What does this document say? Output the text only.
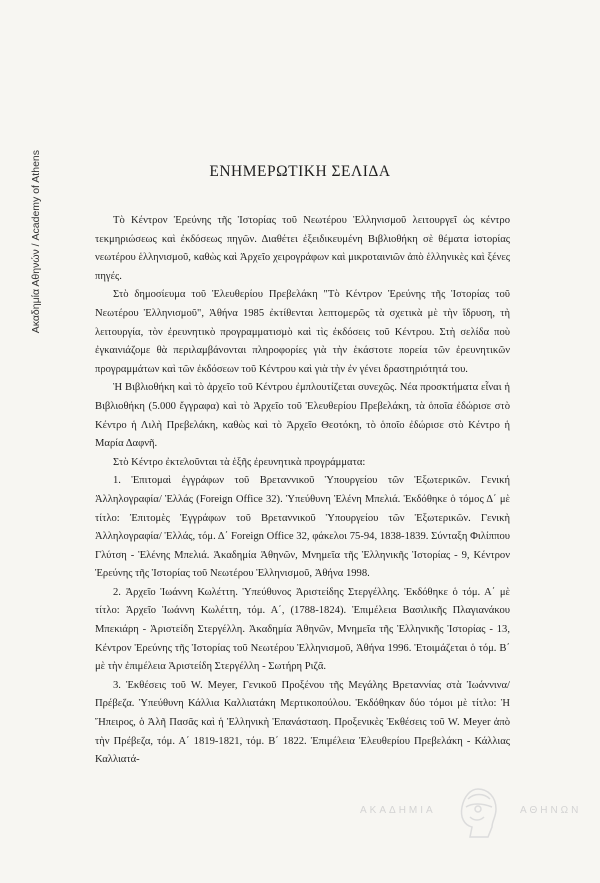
Ακαδημία Αθηνών / Academy of Athens	ΕΝΗΜΕΡΩΤΙΚΗ ΣΕΛΙΔΑ

Τὸ Κέντρον Ἐρεύνης τῆς Ἱστορίας τοῦ Νεωτέρου Ἑλληνισμοῦ λειτουργεῖ ὡς κέντρο τεκμηριώσεως καὶ ἐκδόσεως πηγῶν. Διαθέτει ἐξειδικευμένη Βιβλιοθήκη σὲ θέματα ἱστορίας νεωτέρου ἑλληνισμοῦ, καθὼς καὶ Ἀρχεῖο χειρογράφων καὶ μικροταινιῶν ἀπὸ ἑλληνικὲς καὶ ξένες πηγές.

Στὸ δημοσίευμα τοῦ Ἐλευθερίου Πρεβελάκη "Τὸ Κέντρον Ἐρεύνης τῆς Ἱστορίας τοῦ Νεωτέρου Ἑλληνισμοῦ", Ἀθήνα 1985 ἐκτίθενται λεπτομερῶς τὰ σχετικὰ μὲ τὴν ἵδρυση, τὴ λειτουργία, τὸν ἐρευνητικὸ προγραμματισμὸ καὶ τὶς ἐκδόσεις τοῦ Κέντρου. Στὴ σελίδα ποὺ ἐγκαινιάζομε θὰ περιλαμβάνονται πληροφορίες γιὰ τὴν ἑκάστοτε πορεία τῶν ἐρευνητικῶν προγραμμάτων καὶ τῶν ἐκδόσεων τοῦ Κέντρου καὶ γιὰ τὴν ἐν γένει δραστηριότητά του.

Ἡ Βιβλιοθήκη καὶ τὸ ἀρχεῖο τοῦ Κέντρου ἐμπλουτίζεται συνεχῶς. Νέα προσκτήματα εἶναι ἡ Βιβλιοθήκη (5.000 ἔγγραφα) καὶ τὸ Ἀρχεῖο τοῦ Ἐλευθερίου Πρεβελάκη, τὰ ὁποῖα ἐδώρισε στὸ Κέντρο ἡ Λιλὴ Πρεβελάκη, καθὼς καὶ τὸ Ἀρχεῖο Θεοτόκη, τὸ ὁποῖο ἐδώρισε στὸ Κέντρο ἡ Μαρία Δαφνῆ.

Στὸ Κέντρο ἐκτελοῦνται τὰ ἑξῆς ἐρευνητικὰ προγράμματα:

1. Ἐπιτομαὶ ἐγγράφων τοῦ Βρεταννικοῦ Ὑπουργείου τῶν Ἐξωτερικῶν. Γενική Ἀλληλογραφία/ Ἑλλάς (Foreign Office 32). Ὑπεύθυνη Ἑλένη Μπελιά. Ἐκδόθηκε ὁ τόμος Δ΄ μὲ τίτλο: Ἐπιτομὲς Ἐγγράφων τοῦ Βρεταννικοῦ Ὑπουργείου τῶν Ἐξωτερικῶν. Γενικὴ Ἀλληλογραφία/ Ἑλλάς, τόμ. Δ΄ Foreign Office 32, φάκελοι 75-94, 1838-1839. Σύνταξη Φιλίππου Γλύτση - Ἑλένης Μπελιά. Ἀκαδημία Ἀθηνῶν, Μνημεῖα τῆς Ἑλληνικῆς Ἱστορίας - 9, Κέντρον Ἐρεύνης τῆς Ἱστορίας τοῦ Νεωτέρου Ἑλληνισμοῦ, Ἀθήνα 1998.

2. Ἀρχεῖο Ἰωάννη Κωλέττη. Ὑπεύθυνος Ἀριστείδης Στεργέλλης. Ἐκδόθηκε ὁ τόμ. Α΄ μὲ τίτλο: Ἀρχεῖο Ἰωάννη Κωλέττη, τόμ. Α΄, (1788-1824). Ἐπιμέλεια Βασιλικῆς Πλαγιανάκου Μπεκιάρη - Ἀριστείδη Στεργέλλη. Ἀκαδημία Ἀθηνῶν, Μνημεῖα τῆς Ἑλληνικῆς Ἱστορίας - 13, Κέντρον Ἐρεύνης τῆς Ἱστορίας τοῦ Νεωτέρου Ἑλληνισμοῦ, Ἀθήνα 1996. Ἑτοιμάζεται ὁ τόμ. Β΄ μὲ τὴν ἐπιμέλεια Ἀριστείδη Στεργέλλη - Σωτήρη Ριζᾶ.

3. Ἐκθέσεις τοῦ W. Meyer, Γενικοῦ Προξένου τῆς Μεγάλης Βρεταννίας στὰ Ἰωάννινα/Πρέβεζα. Ὑπεύθυνη Κάλλια Καλλιατάκη Μερτικοπούλου. Ἐκδόθηκαν δύο τόμοι μὲ τίτλο: Ἡ Ἤπειρος, ὁ Ἀλῆ Πασᾶς καὶ ἡ Ἑλληνικὴ Ἐπανάσταση. Προξενικὲς Ἐκθέσεις τοῦ W. Meyer ἀπὸ τὴν Πρέβεζα, τόμ. Α΄ 1819-1821, τόμ. Β΄ 1822. Ἐπιμέλεια Ἐλευθερίου Πρεβελάκη - Κάλλιας Καλλιατά-

ΑΚΑΔΗΜΙΑ	ΑΘΗΝΩΝ
